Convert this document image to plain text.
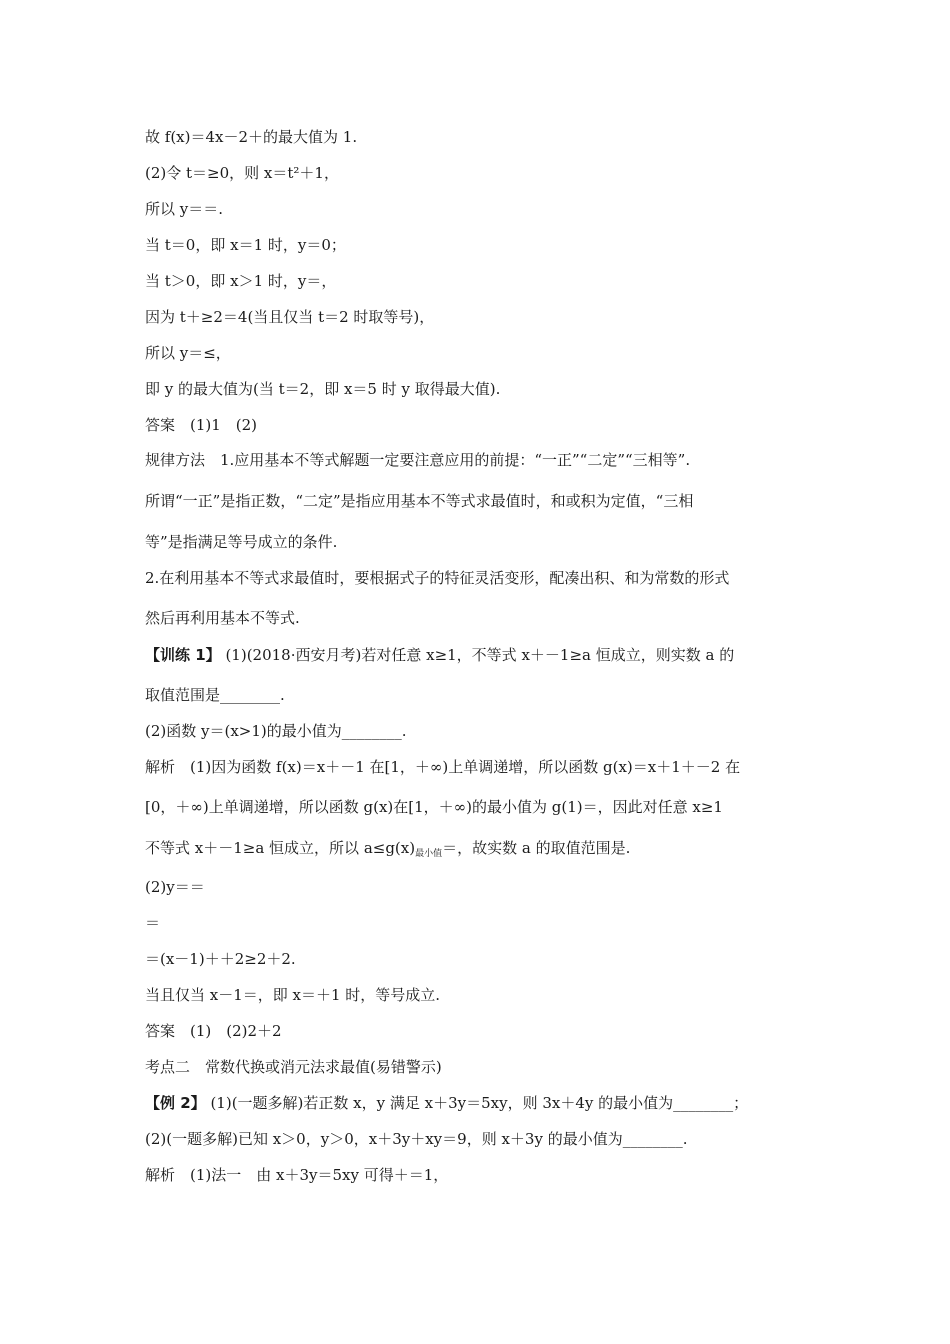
故 f(x)＝4x－2＋的最大值为 1.
(2)令 t＝≥0，则 x＝t²＋1，
所以 y＝＝.
当 t＝0，即 x＝1 时，y＝0；
当 t＞0，即 x＞1 时，y＝，
因为 t＋≥2＝4(当且仅当 t＝2 时取等号)，
所以 y＝≤，
即 y 的最大值为(当 t＝2，即 x＝5 时 y 取得最大值).
答案　(1)1　(2)
规律方法　1.应用基本不等式解题一定要注意应用的前提：“一正”“二定”“三相等”.
所谓“一正”是指正数，“二定”是指应用基本不等式求最值时，和或积为定值，“三相
等”是指满足等号成立的条件.
2.在利用基本不等式求最值时，要根据式子的特征灵活变形，配凑出积、和为常数的形式
然后再利用基本不等式.
【训练 1】 (1)(2018·西安月考)若对任意 x≥1，不等式 x＋－1≥a 恒成立，则实数 a 的
取值范围是________.
(2)函数 y＝(x>1)的最小值为________.
解析　(1)因为函数 f(x)＝x＋－1 在[1，＋∞)上单调递增，所以函数 g(x)＝x＋1＋－2 在
[0，＋∞)上单调递增，所以函数 g(x)在[1，＋∞)的最小值为 g(1)＝，因此对任意 x≥1
不等式 x＋－1≥a 恒成立，所以 $a\le g(x)_{最小值}=$，故实数 a 的取值范围是.
(2)y＝＝
＝
＝(x－1)＋＋2≥2＋2.
当且仅当 x－1＝，即 x＝＋1 时，等号成立.
答案　(1)　(2)2＋2
考点二　常数代换或消元法求最值(易错警示)
【例 2】 (1)(一题多解)若正数 x，y 满足 x＋3y＝5xy，则 3x＋4y 的最小值为________；
(2)(一题多解)已知 x＞0，y＞0，x＋3y＋xy＝9，则 x＋3y 的最小值为________.
解析　(1)法一　由 x＋3y＝5xy 可得＋＝1，
